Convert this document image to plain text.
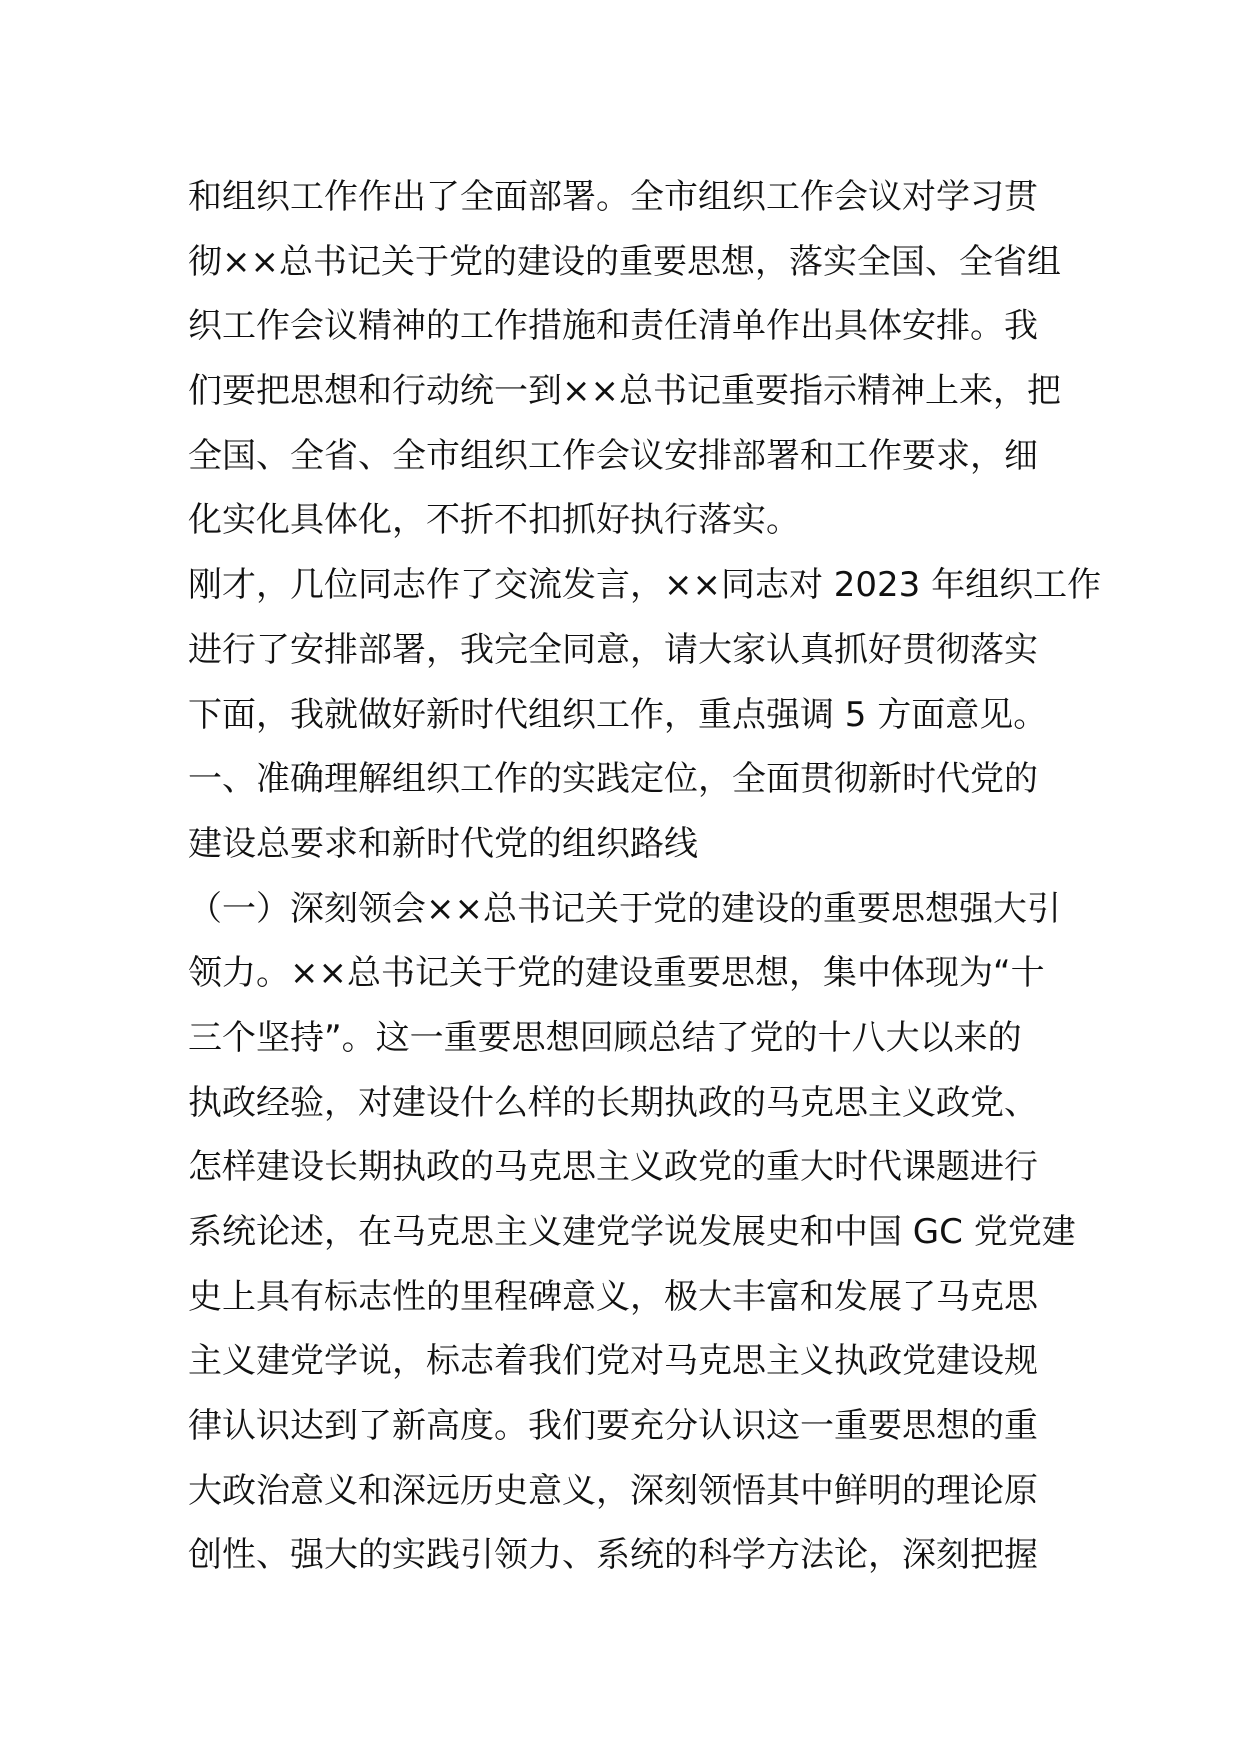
和组织工作作出了全面部署。全市组织工作会议对学习贯
彻××总书记关于党的建设的重要思想，落实全国、全省组
织工作会议精神的工作措施和责任清单作出具体安排。我
们要把思想和行动统一到××总书记重要指示精神上来，把
全国、全省、全市组织工作会议安排部署和工作要求，细
化实化具体化，不折不扣抓好执行落实。
刚才，几位同志作了交流发言，××同志对 2023 年组织工作
进行了安排部署，我完全同意，请大家认真抓好贯彻落实
下面，我就做好新时代组织工作，重点强调 5 方面意见。
一、准确理解组织工作的实践定位，全面贯彻新时代党的
建设总要求和新时代党的组织路线
（一）深刻领会××总书记关于党的建设的重要思想强大引
领力。××总书记关于党的建设重要思想，集中体现为“十
三个坚持”。这一重要思想回顾总结了党的十八大以来的
执政经验，对建设什么样的长期执政的马克思主义政党、
怎样建设长期执政的马克思主义政党的重大时代课题进行
系统论述，在马克思主义建党学说发展史和中国 GC 党党建
史上具有标志性的里程碑意义，极大丰富和发展了马克思
主义建党学说，标志着我们党对马克思主义执政党建设规
律认识达到了新高度。我们要充分认识这一重要思想的重
大政治意义和深远历史意义，深刻领悟其中鲜明的理论原
创性、强大的实践引领力、系统的科学方法论，深刻把握
